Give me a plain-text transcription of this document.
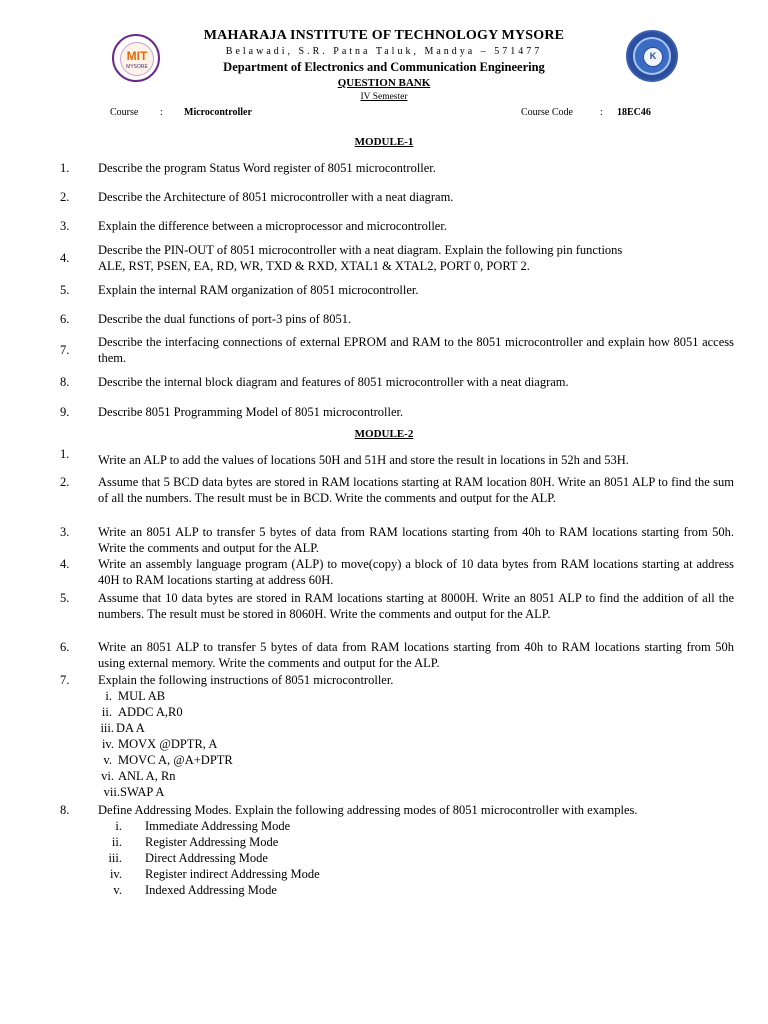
MIT
MYSORE
K
MAHARAJA INSTITUTE OF TECHNOLOGY MYSORE
Belawadi, S.R. Patna Taluk, Mandya – 571477
Department of Electronics and Communication Engineering
QUESTION BANK
IV Semester
Course : Microcontroller	Course Code	: 18EC46
MODULE-1
1.	Describe the program Status Word register of 8051 microcontroller.
2.	Describe the Architecture of 8051 microcontroller with a neat diagram.
3.	Explain the difference between a microprocessor and microcontroller.
4.
Describe the PIN-OUT of 8051 microcontroller with a neat diagram. Explain the following pin functions
ALE, RST, PSEN, EA, RD, WR, TXD & RXD, XTAL1 & XTAL2, PORT 0, PORT 2.
5.	Explain the internal RAM organization of 8051 microcontroller.
6.	Describe the dual functions of port-3 pins of 8051.
7.
Describe the interfacing connections of external EPROM and RAM to the 8051 microcontroller and explain how 8051 access them.
8.	Describe the internal block diagram and features of 8051 microcontroller with a neat diagram.
9.	Describe 8051 Programming Model of 8051 microcontroller.
MODULE-2
1.	Write an ALP to add the values of locations 50H and 51H and store the result in locations in 52h and 53H.
2.	Assume that 5 BCD data bytes are stored in RAM locations starting at RAM location 80H. Write an 8051 ALP to find the sum of all the numbers. The result must be in BCD. Write the comments and output for the ALP.
3.	Write an 8051 ALP to transfer 5 bytes of data from RAM locations starting from 40h to RAM locations starting from 50h. Write the comments and output for the ALP.
4.	Write an assembly language program (ALP) to move(copy) a block of 10 data bytes from RAM locations starting at address 40H to RAM locations starting at address 60H.
5.	Assume that 10 data bytes are stored in RAM locations starting at 8000H. Write an 8051 ALP to find the addition of all the numbers. The result must be stored in 8060H. Write the comments and output for the ALP.
6.	Write an 8051 ALP to transfer 5 bytes of data from RAM locations starting from 40h to RAM locations starting from 50h using external memory. Write the comments and output for the ALP.
7.	Explain the following instructions of 8051 microcontroller.
i. MUL AB
ii. ADDC A,R0
iii. DA A
iv. MOVX @DPTR, A
v. MOVC A, @A+DPTR
vi. ANL A, Rn
vii. SWAP A
8.	Define Addressing Modes. Explain the following addressing modes of 8051 microcontroller with examples.
i. Immediate Addressing Mode
ii. Register Addressing Mode
iii. Direct Addressing Mode
iv. Register indirect Addressing Mode
v. Indexed Addressing Mode
